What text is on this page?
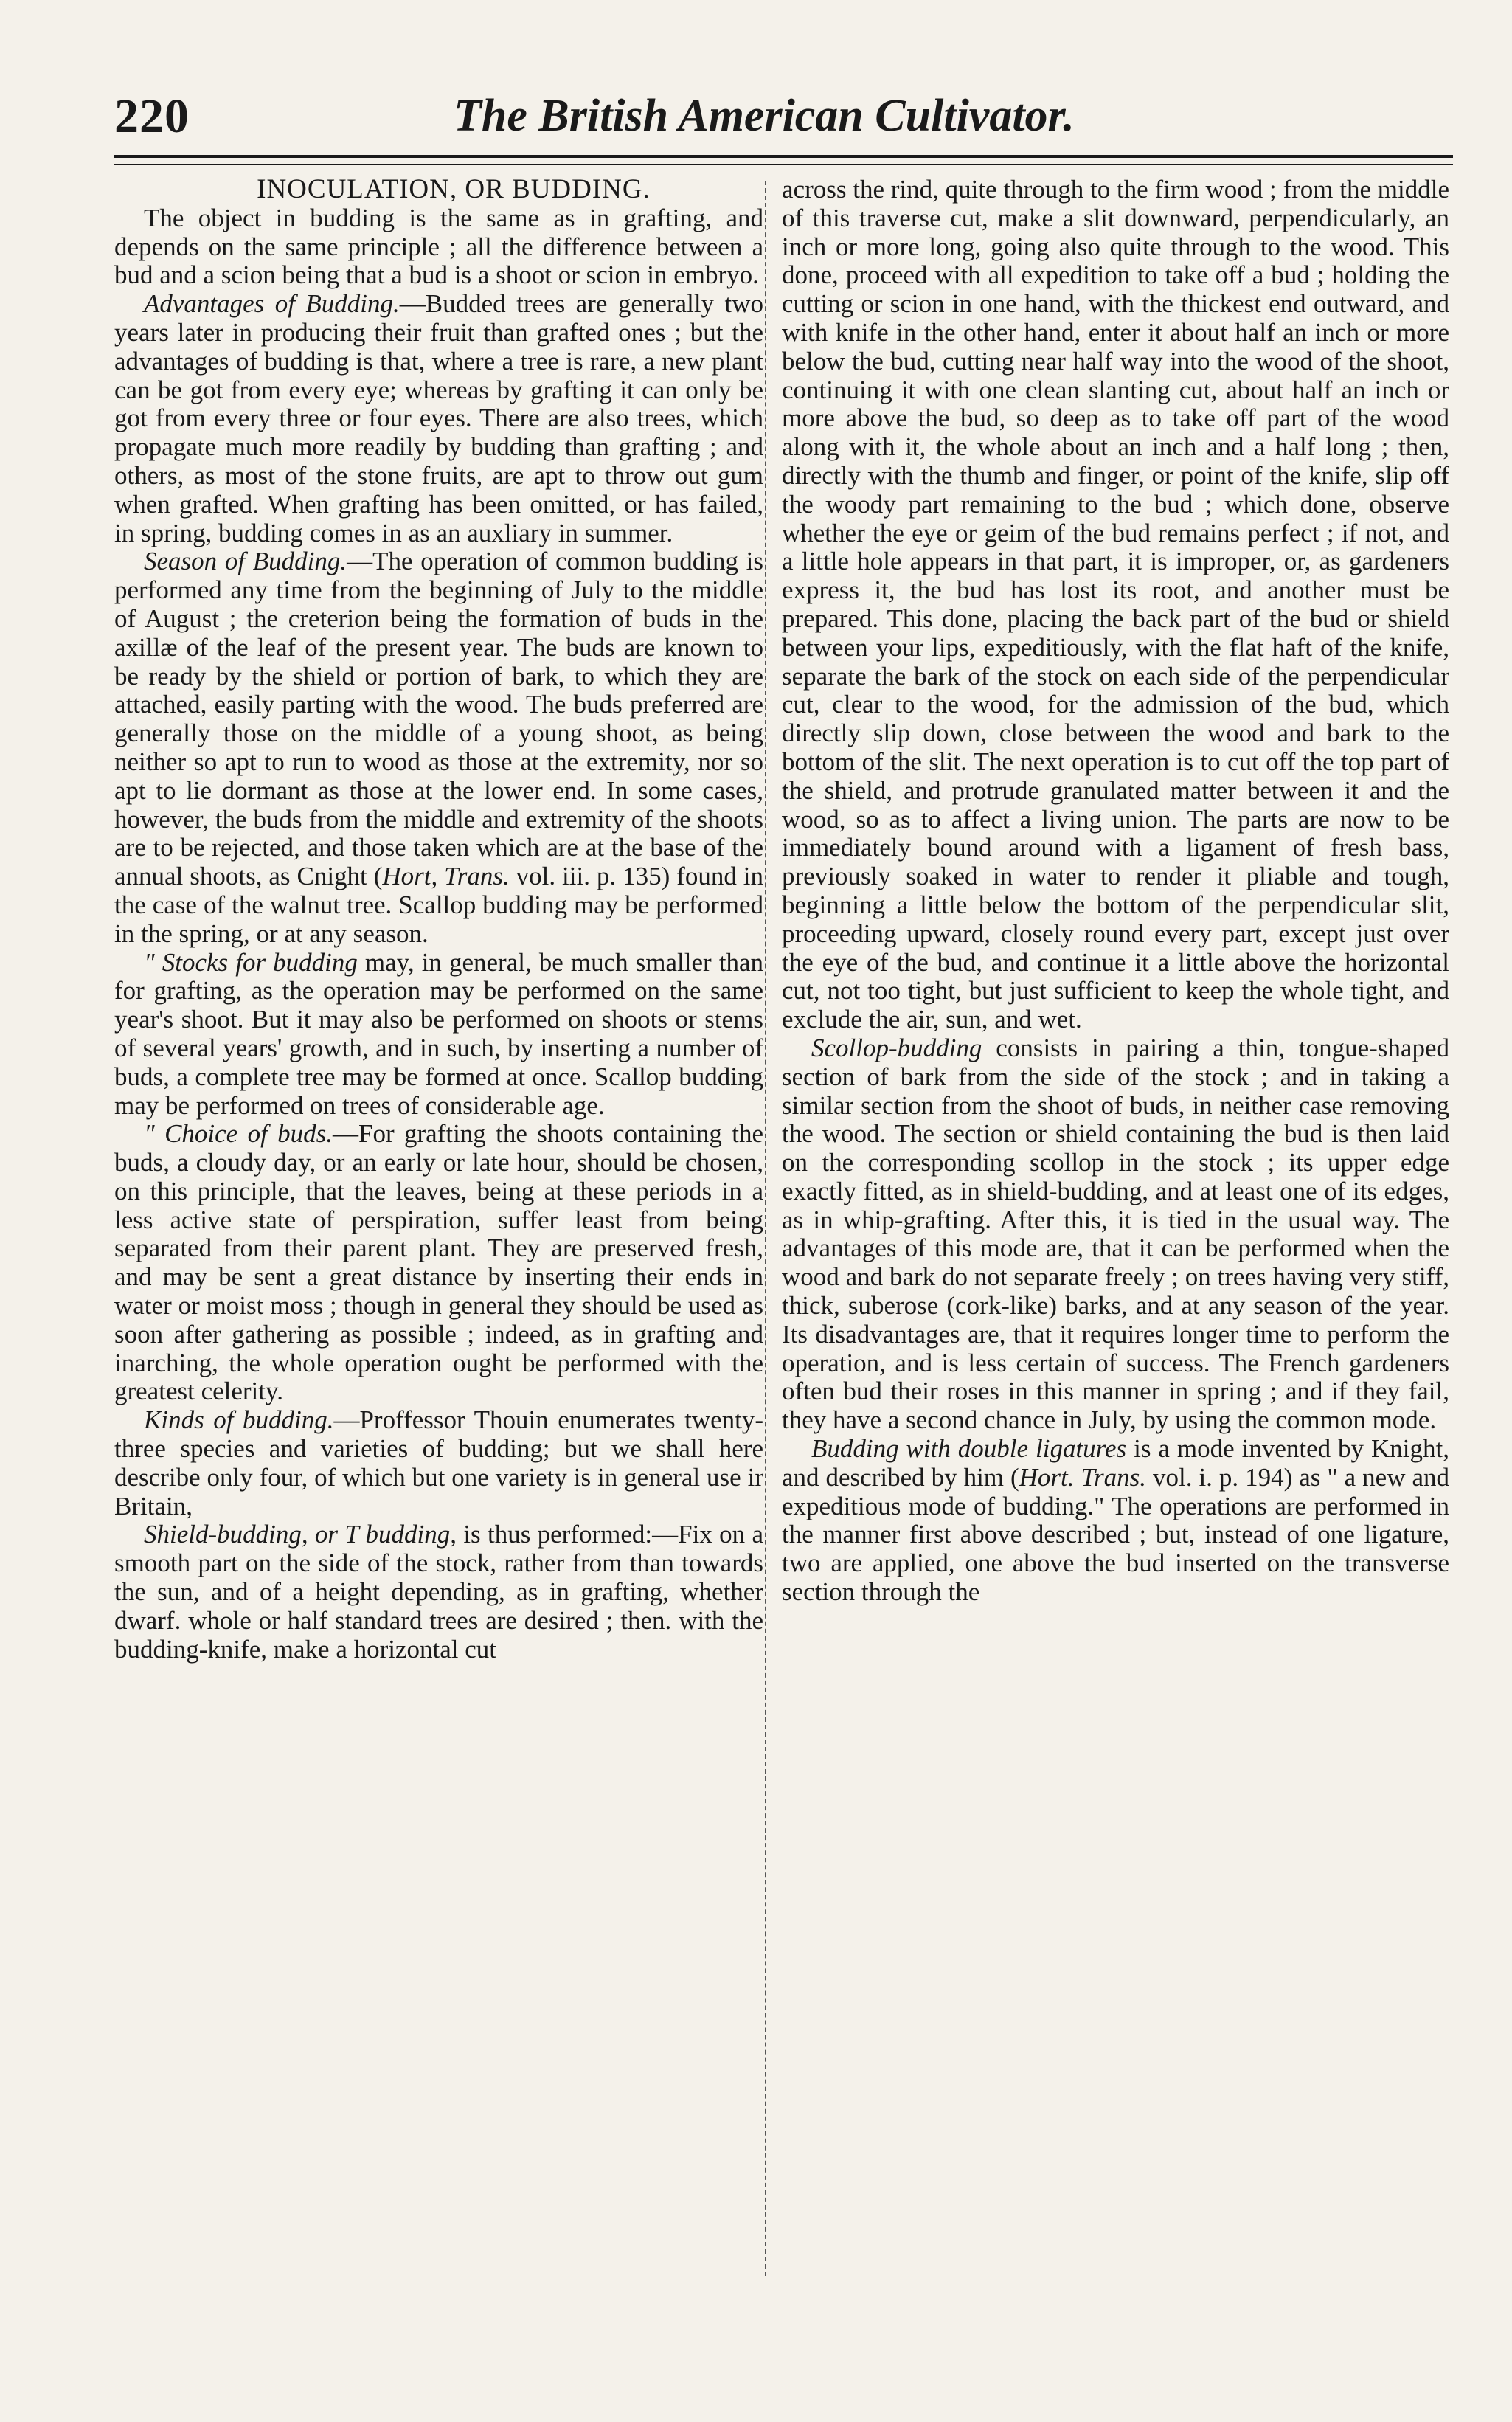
220	The British American Cultivator.

INOCULATION, OR BUDDING.

The object in budding is the same as in grafting, and depends on the same principle ; all the difference between a bud and a scion being that a bud is a shoot or scion in embryo.

Advantages of Budding.—Budded trees are generally two years later in producing their fruit than grafted ones ; but the advantages of budding is that, where a tree is rare, a new plant can be got from every eye; whereas by grafting it can only be got from every three or four eyes. There are also trees, which propagate much more readily by budding than grafting ; and others, as most of the stone fruits, are apt to throw out gum when grafted. When grafting has been omitted, or has failed, in spring, budding comes in as an auxliary in summer.

Season of Budding.—The operation of common budding is performed any time from the beginning of July to the middle of August ; the creterion being the formation of buds in the axillæ of the leaf of the present year. The buds are known to be ready by the shield or portion of bark, to which they are attached, easily parting with the wood. The buds preferred are generally those on the middle of a young shoot, as being neither so apt to run to wood as those at the extremity, nor so apt to lie dormant as those at the lower end. In some cases, however, the buds from the middle and extremity of the shoots are to be rejected, and those taken which are at the base of the annual shoots, as Cnight (Hort, Trans. vol. iii. p. 135) found in the case of the walnut tree. Scallop budding may be performed in the spring, or at any season.

" Stocks for budding may, in general, be much smaller than for grafting, as the operation may be performed on the same year's shoot. But it may also be performed on shoots or stems of several years' growth, and in such, by inserting a number of buds, a complete tree may be formed at once. Scallop budding may be performed on trees of considerable age.

" Choice of buds.—For grafting the shoots containing the buds, a cloudy day, or an early or late hour, should be chosen, on this principle, that the leaves, being at these periods in a less active state of perspiration, suffer least from being separated from their parent plant. They are preserved fresh, and may be sent a great distance by inserting their ends in water or moist moss ; though in general they should be used as soon after gathering as possible ; indeed, as in grafting and inarching, the whole operation ought be performed with the greatest celerity.

Kinds of budding.—Proffessor Thouin enumerates twenty-three species and varieties of budding; but we shall here describe only four, of which but one variety is in general use ir Britain,

Shield-budding, or T budding, is thus performed:—Fix on a smooth part on the side of the stock, rather from than towards the sun, and of a height depending, as in grafting, whether dwarf. whole or half standard trees are desired ; then. with the budding-knife, make a horizontal cut

across the rind, quite through to the firm wood ; from the middle of this traverse cut, make a slit downward, perpendicularly, an inch or more long, going also quite through to the wood. This done, proceed with all expedition to take off a bud ; holding the cutting or scion in one hand, with the thickest end outward, and with knife in the other hand, enter it about half an inch or more below the bud, cutting near half way into the wood of the shoot, continuing it with one clean slanting cut, about half an inch or more above the bud, so deep as to take off part of the wood along with it, the whole about an inch and a half long ; then, directly with the thumb and finger, or point of the knife, slip off the woody part remaining to the bud ; which done, observe whether the eye or geim of the bud remains perfect ; if not, and a little hole appears in that part, it is improper, or, as gardeners express it, the bud has lost its root, and another must be prepared. This done, placing the back part of the bud or shield between your lips, expeditiously, with the flat haft of the knife, separate the bark of the stock on each side of the perpendicular cut, clear to the wood, for the admission of the bud, which directly slip down, close between the wood and bark to the bottom of the slit. The next operation is to cut off the top part of the shield, and protrude granulated matter between it and the wood, so as to affect a living union. The parts are now to be immediately bound around with a ligament of fresh bass, previously soaked in water to render it pliable and tough, beginning a little below the bottom of the perpendicular slit, proceeding upward, closely round every part, except just over the eye of the bud, and continue it a little above the horizontal cut, not too tight, but just sufficient to keep the whole tight, and exclude the air, sun, and wet.

Scollop-budding consists in pairing a thin, tongue-shaped section of bark from the side of the stock ; and in taking a similar section from the shoot of buds, in neither case removing the wood. The section or shield containing the bud is then laid on the corresponding scollop in the stock ; its upper edge exactly fitted, as in shield-budding, and at least one of its edges, as in whip-grafting. After this, it is tied in the usual way. The advantages of this mode are, that it can be performed when the wood and bark do not separate freely ; on trees having very stiff, thick, suberose (cork-like) barks, and at any season of the year. Its disadvantages are, that it requires longer time to perform the operation, and is less certain of success. The French gardeners often bud their roses in this manner in spring ; and if they fail, they have a second chance in July, by using the common mode.

Budding with double ligatures is a mode invented by Knight, and described by him (Hort. Trans. vol. i. p. 194) as " a new and expeditious mode of budding." The operations are performed in the manner first above described ; but, instead of one ligature, two are applied, one above the bud inserted on the transverse section through the
